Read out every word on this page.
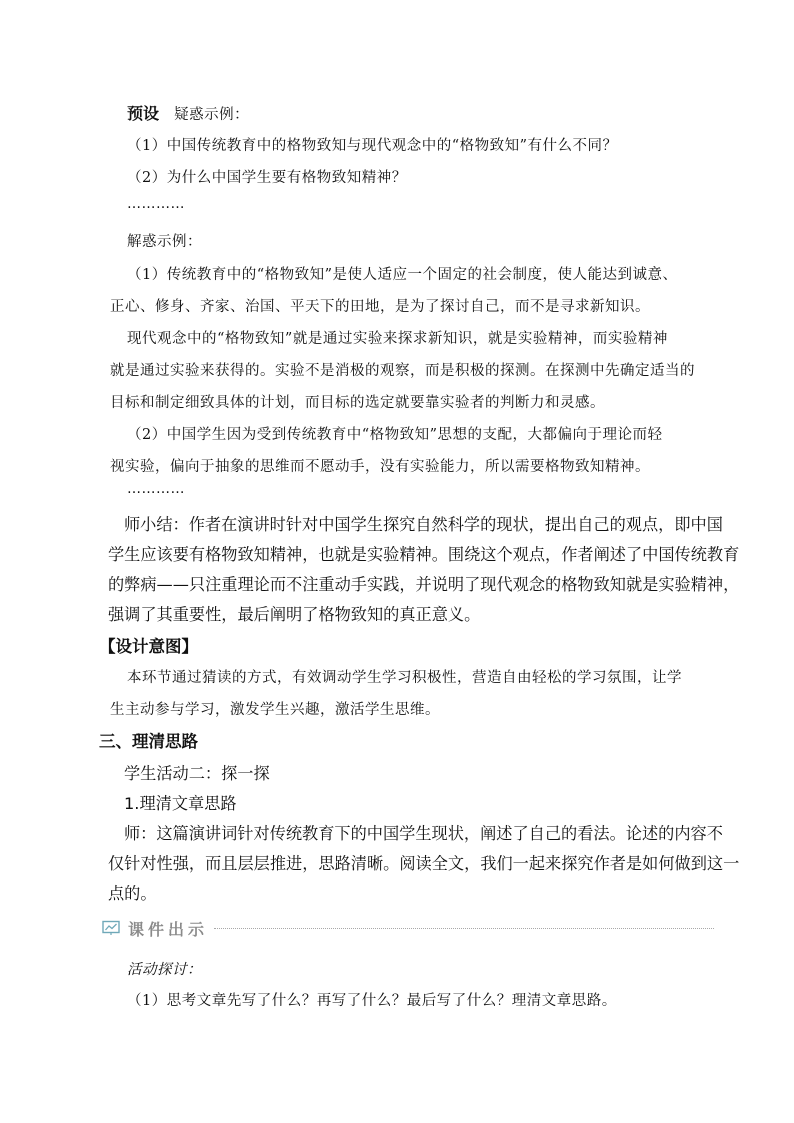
预设 疑惑示例：
（1）中国传统教育中的格物致知与现代观念中的“格物致知”有什么不同？
（2）为什么中国学生要有格物致知精神？
…………
解惑示例：
（1）传统教育中的“格物致知”是使人适应一个固定的社会制度，使人能达到诚意、
正心、修身、齐家、治国、平天下的田地，是为了探讨自己，而不是寻求新知识。
现代观念中的“格物致知”就是通过实验来探求新知识，就是实验精神，而实验精神
就是通过实验来获得的。实验不是消极的观察，而是积极的探测。在探测中先确定适当的
目标和制定细致具体的计划，而目标的选定就要靠实验者的判断力和灵感。
（2）中国学生因为受到传统教育中“格物致知”思想的支配，大都偏向于理论而轻
视实验，偏向于抽象的思维而不愿动手，没有实验能力，所以需要格物致知精神。
…………
师小结：作者在演讲时针对中国学生探究自然科学的现状，提出自己的观点，即中国
学生应该要有格物致知精神，也就是实验精神。围绕这个观点，作者阐述了中国传统教育
的弊病——只注重理论而不注重动手实践，并说明了现代观念的格物致知就是实验精神，
强调了其重要性，最后阐明了格物致知的真正意义。
【设计意图】
本环节通过猜读的方式，有效调动学生学习积极性，营造自由轻松的学习氛围，让学
生主动参与学习，激发学生兴趣，激活学生思维。
三、理清思路
学生活动二：探一探
1.理清文章思路
师：这篇演讲词针对传统教育下的中国学生现状，阐述了自己的看法。论述的内容不
仅针对性强，而且层层推进，思路清晰。阅读全文，我们一起来探究作者是如何做到这一
点的。
课件出示
活动探讨：
（1）思考文章先写了什么？再写了什么？最后写了什么？理清文章思路。
